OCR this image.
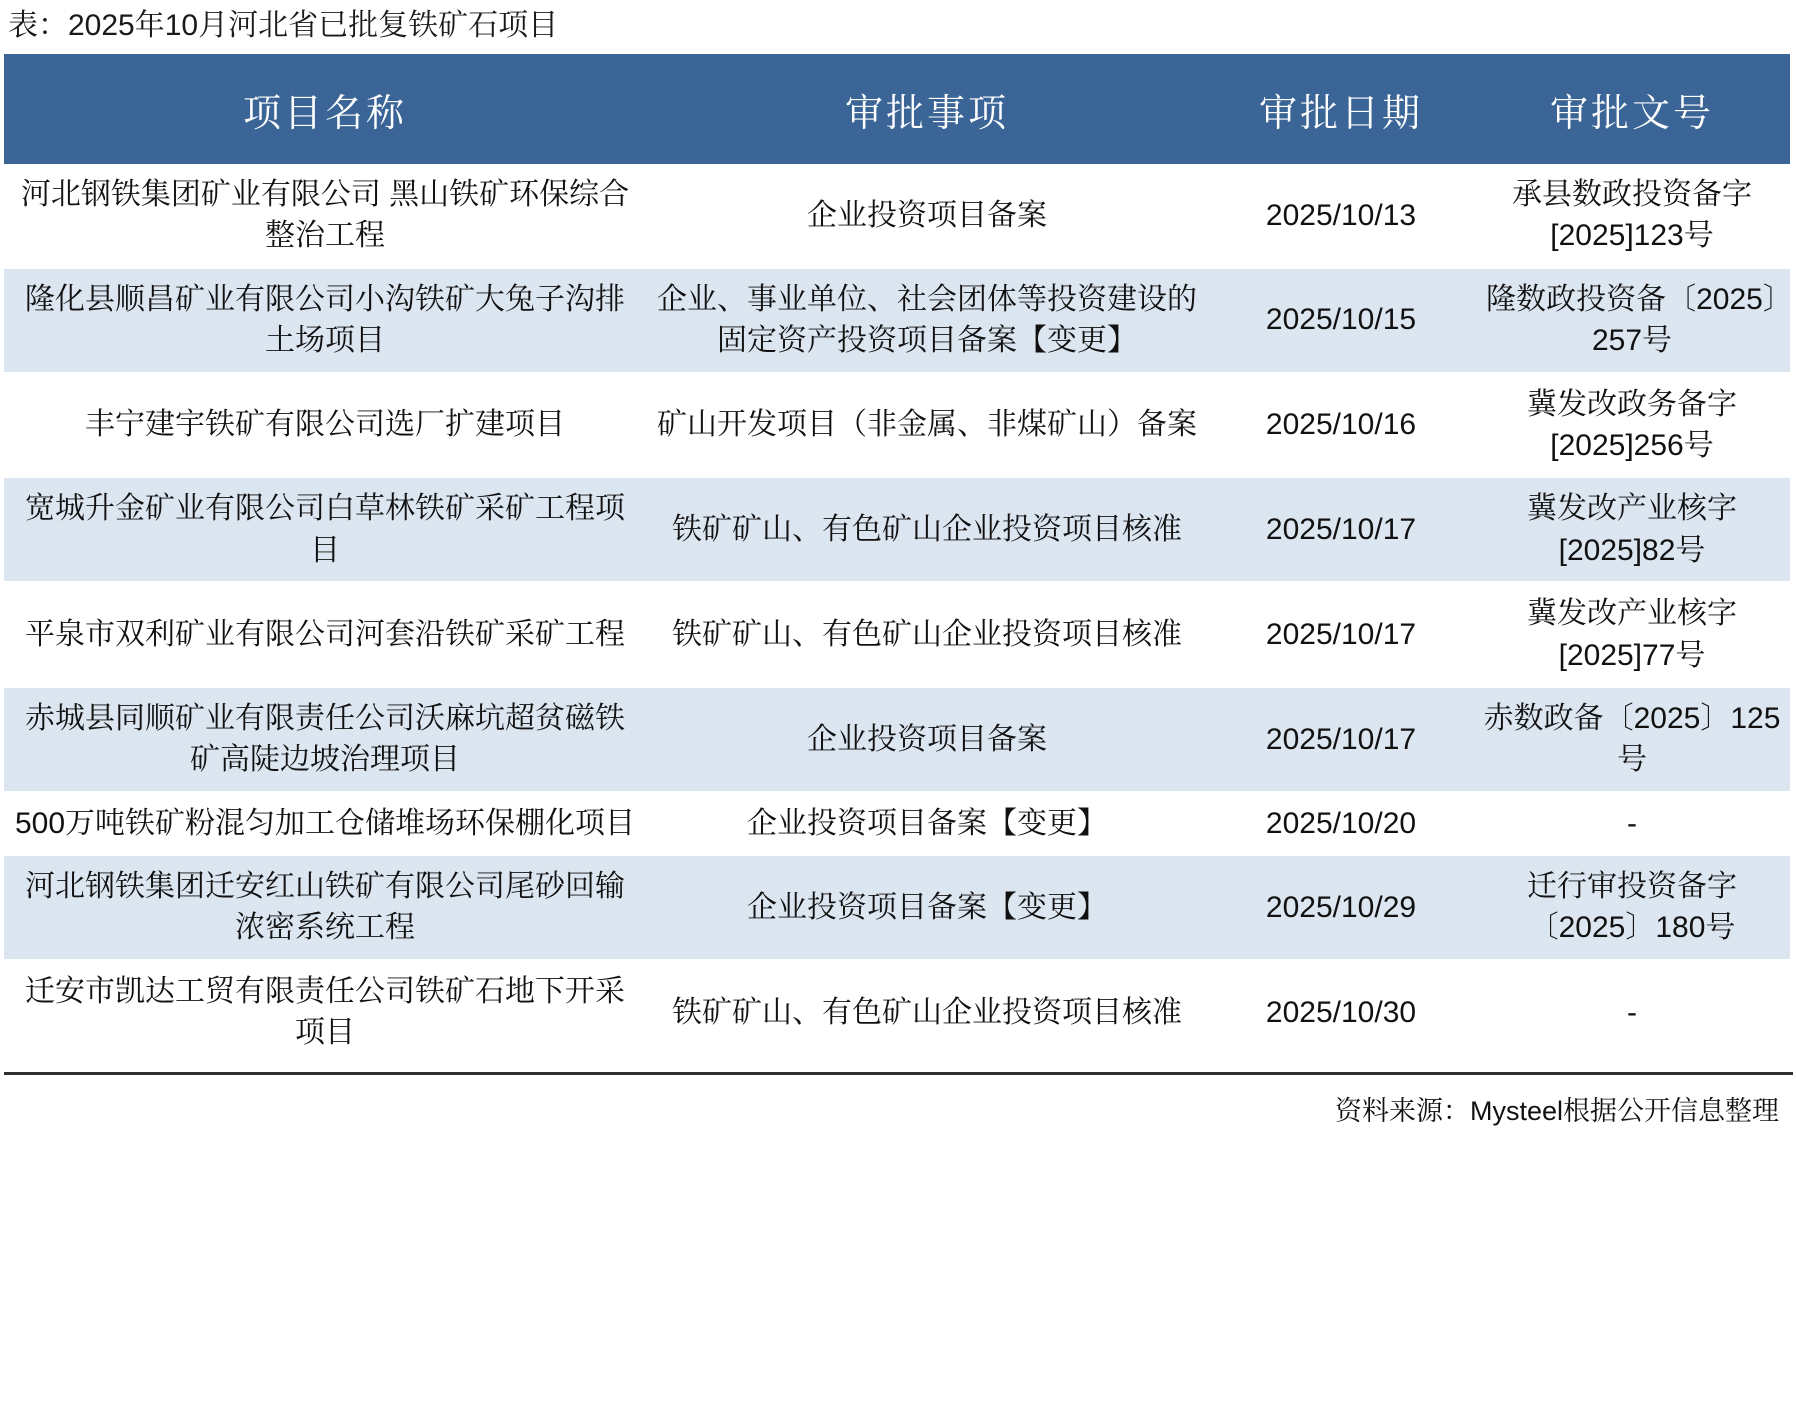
表：2025年10月河北省已批复铁矿石项目
项目名称	审批事项	审批日期	审批文号
河北钢铁集团矿业有限公司 黑山铁矿环保综合整治工程	企业投资项目备案	2025/10/13	承县数政投资备字[2025]123号
隆化县顺昌矿业有限公司小沟铁矿大兔子沟排土场项目	企业、事业单位、社会团体等投资建设的固定资产投资项目备案【变更】	2025/10/15	隆数政投资备〔2025〕257号
丰宁建宇铁矿有限公司选厂扩建项目	矿山开发项目（非金属、非煤矿山）备案	2025/10/16	冀发改政务备字[2025]256号
宽城升金矿业有限公司白草林铁矿采矿工程项目	铁矿矿山、有色矿山企业投资项目核准	2025/10/17	冀发改产业核字[2025]82号
平泉市双利矿业有限公司河套沿铁矿采矿工程	铁矿矿山、有色矿山企业投资项目核准	2025/10/17	冀发改产业核字[2025]77号
赤城县同顺矿业有限责任公司沃麻坑超贫磁铁矿高陡边坡治理项目	企业投资项目备案	2025/10/17	赤数政备〔2025〕125号
500万吨铁矿粉混匀加工仓储堆场环保棚化项目	企业投资项目备案【变更】	2025/10/20	-
河北钢铁集团迁安红山铁矿有限公司尾砂回输浓密系统工程	企业投资项目备案【变更】	2025/10/29	迁行审投资备字〔2025〕180号
迁安市凯达工贸有限责任公司铁矿石地下开采项目	铁矿矿山、有色矿山企业投资项目核准	2025/10/30	-
资料来源：Mysteel根据公开信息整理
